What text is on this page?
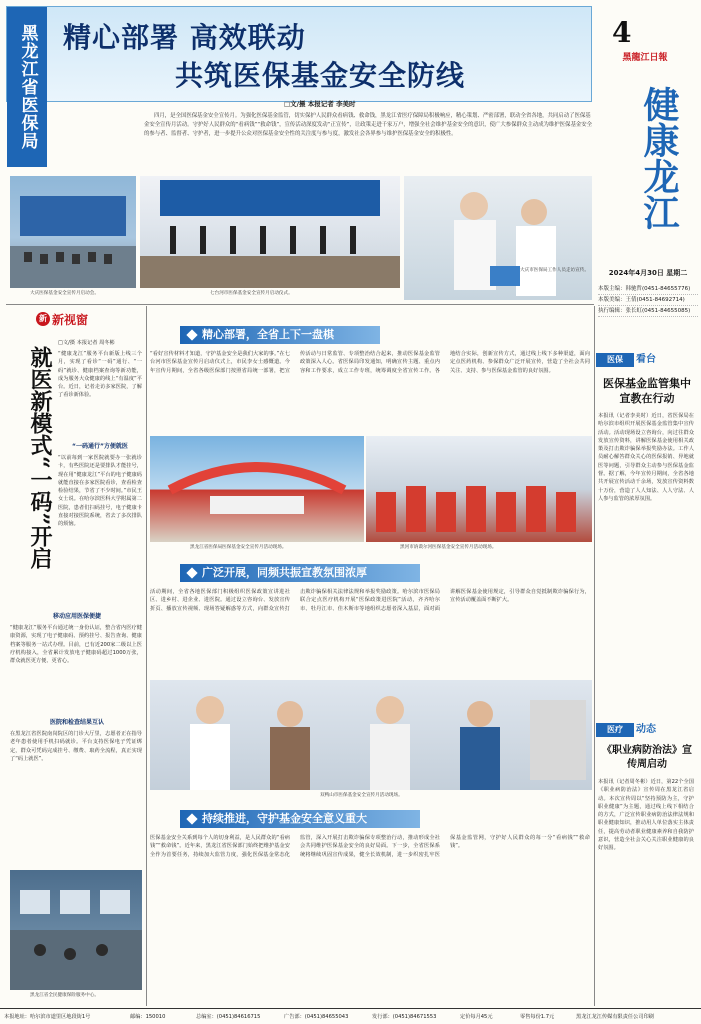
黑龙江省医保局 精心部署 高效联动
共筑医保基金安全防线
4
黑龍江日報
健康龙江
2024年4月30日 星期二
本版主编：韩驰哲(0451-84655776)
本版美编：王倩(0451-84692714)
执行编辑：张长虹(0451-84655085)
□文/摄 本报记者 李美时
四月，是全国医保基金安全宣传月。为强化医保基金监管，切实保护人民群众看病钱、救命钱，黑龙江省医疗保障局积极响应，精心策划、严密部署，联动全省各地，共同启动了医保基金安全宣传月活动。守护好人民群众的“看病钱”“救命钱”，宣传活动深度发动“正宣传”，让政策走进千家万户，增强全社会维护基金安全的意识，使广大参保群众主动成为维护医保基金安全的参与者、监督者、守护者，进一步提升公众对医保基金安全性的关注度与参与度，激发社会各界参与维护医保基金安全的积极性。
大庆医保基金安全宣传月启动会。	七台河市医保基金安全宣传月启动仪式。
大庆市医保局工作人员走访宣传。
新 新视窗
就医新模式“一码”开启
□文/摄 本报记者 周冬彬
“健康龙江”服务平台新版上线三个月，实现了看诊“一码”通行、“一码”就诊、健康档案查询等新功能，成为服务大众健康的线上“有温度”平台。近日，记者走访多家医院，了解了看诊新体验。
“一码通行”方便就医
“以前每到一家医院就要办一张就诊卡，有些医院还是要排队才能挂号，现在用“健康龙江”平台的电子健康码就能直接在多家医院看诊，查看检查检验结果，节省了不少时间。”市民王女士说。在哈尔滨医科大学附属第二医院，患者们扫码挂号，电子健康卡直接对接医院系统，省去了多次排队的烦恼。
移动应用医保便捷
“健康龙江”服务平台通过统一身份认证，整合省内医疗健康资源，实现了电子健康码、预约挂号、报告查询、健康档案等服务一站式办理。目前，已有近200家二级以上医疗机构接入，全省累计发放电子健康码超过1000万张，群众就医更方便、更省心。
医院和检查结果互认
在黑龙江省医院南岗院区的门诊大厅里，志愿者正在指导老年患者使用手机扫码就诊。平台支持医保电子凭证绑定，群众可凭码完成挂号、缴费、取药全流程，真正实现了“码上就医”。
黑龙江省全民健康保险服务中心。
精心部署，全省上下一盘棋
“看好宣传材料才知道，守护基金安全是我们大家的事。”在七台河市医保基金宣传月启动仪式上，市民李女士感慨道。今年宣传月期间，全省各级医保部门按照省局统一部署，把宣传活动与日常监管、专项整治结合起来，推动医保基金监管政策深入人心。省医保局印发通知，明确宣传主题、重点内容和工作要求，成立工作专班，统筹调度全省宣传工作。各地结合实际，创新宣传方式，通过线上线下多种渠道，面向定点医药机构、参保群众广泛开展宣传，营造了全社会共同关注、支持、参与医保基金监管的良好氛围。
黑龙江省医保局医保基金安全宣传月活动现场。	黑河市讷谟尔河医保基金安全宣传月活动现场。
广泛开展，同频共振宣教氛围浓厚
活动期间，全省各地医保部门积极组织医保政策宣讲进社区、进乡村、进企业、进医院。通过设立咨询台、发放宣传折页、播放宣传视频、现场答疑解惑等方式，向群众宣传打击欺诈骗保相关法律法规和举报奖励政策。哈尔滨市医保局联合定点医疗机构开展“医保政策进医院”活动，齐齐哈尔市、牡丹江市、佳木斯市等地组织志愿者深入基层，面对面讲解医保基金使用规定，引导群众自觉抵制欺诈骗保行为，宣传活动覆盖面不断扩大。
双鸭山市医保基金安全宣传月活动现场。
持续推进，守护基金安全意义重大
医保基金安全关系到每个人的切身利益，是人民群众的“看病钱”“救命钱”。近年来，黑龙江省医保部门始终把维护基金安全作为首要任务，持续加大监管力度，强化医保基金常态化监管，深入开展打击欺诈骗保专项整治行动，推动形成全社会共同维护医保基金安全的良好局面。下一步，全省医保系统将继续巩固宣传成果，健全长效机制，进一步织密扎牢医保基金监管网，守护好人民群众的每一分“看病钱”“救命钱”。
医保	看台
医保基金监管集中宣教在行动
本报讯（记者李美时）近日，省医保局在哈尔滨市组织开展医保基金监管集中宣传活动。活动现场设立咨询台，向过往群众发放宣传资料，讲解医保基金使用相关政策及打击欺诈骗保举报奖励办法。工作人员耐心解答群众关心的医保报销、异地就医等问题，引导群众主动参与医保基金监督。据了解，今年宣传月期间，全省各地共开展宣传活动千余场，发放宣传资料数十万份，营造了人人知法、人人守法、人人参与监管的浓厚氛围。
医疗	动态
《职业病防治法》宣传周启动
本报讯（记者周冬彬）近日，第22个全国《职业病防治法》宣传周在黑龙江省启动。本次宣传周以“坚持预防为主，守护职业健康”为主题，通过线上线下相结合的方式，广泛宣传职业病防治法律法规和职业健康知识，推动用人单位落实主体责任，提高劳动者职业健康素养和自我防护意识，营造全社会关心关注职业健康的良好氛围。
本报地址：哈尔滨市道里区地段街1号	邮编：150010	总编室：(0451)84616715	广告部：(0451)84655043	发行部：(0451)84671553	定价每月45元	零售每份1.7元	黑龙江龙江传媒有限责任公司印刷
